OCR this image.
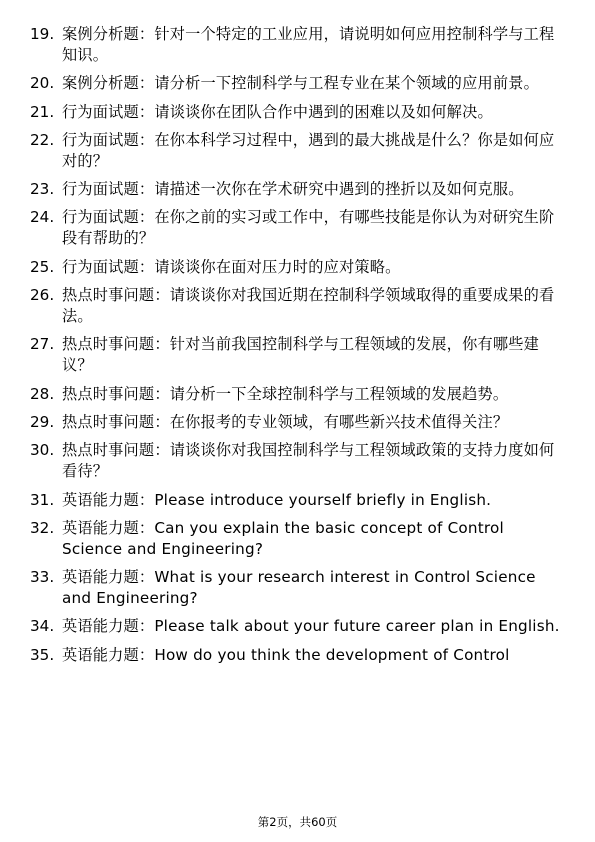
19. 案例分析题：针对一个特定的工业应用，请说明如何应用控制科学与工程知识。
20. 案例分析题：请分析一下控制科学与工程专业在某个领域的应用前景。
21. 行为面试题：请谈谈你在团队合作中遇到的困难以及如何解决。
22. 行为面试题：在你本科学习过程中，遇到的最大挑战是什么？你是如何应对的？
23. 行为面试题：请描述一次你在学术研究中遇到的挫折以及如何克服。
24. 行为面试题：在你之前的实习或工作中，有哪些技能是你认为对研究生阶段有帮助的？
25. 行为面试题：请谈谈你在面对压力时的应对策略。
26. 热点时事问题：请谈谈你对我国近期在控制科学领域取得的重要成果的看法。
27. 热点时事问题：针对当前我国控制科学与工程领域的发展，你有哪些建议？
28. 热点时事问题：请分析一下全球控制科学与工程领域的发展趋势。
29. 热点时事问题：在你报考的专业领域，有哪些新兴技术值得关注？
30. 热点时事问题：请谈谈你对我国控制科学与工程领域政策的支持力度如何看待？
31. 英语能力题：Please introduce yourself briefly in English.
32. 英语能力题：Can you explain the basic concept of Control Science and Engineering?
33. 英语能力题：What is your research interest in Control Science and Engineering?
34. 英语能力题：Please talk about your future career plan in English.
35. 英语能力题：How do you think the development of Control
第2页，共60页
